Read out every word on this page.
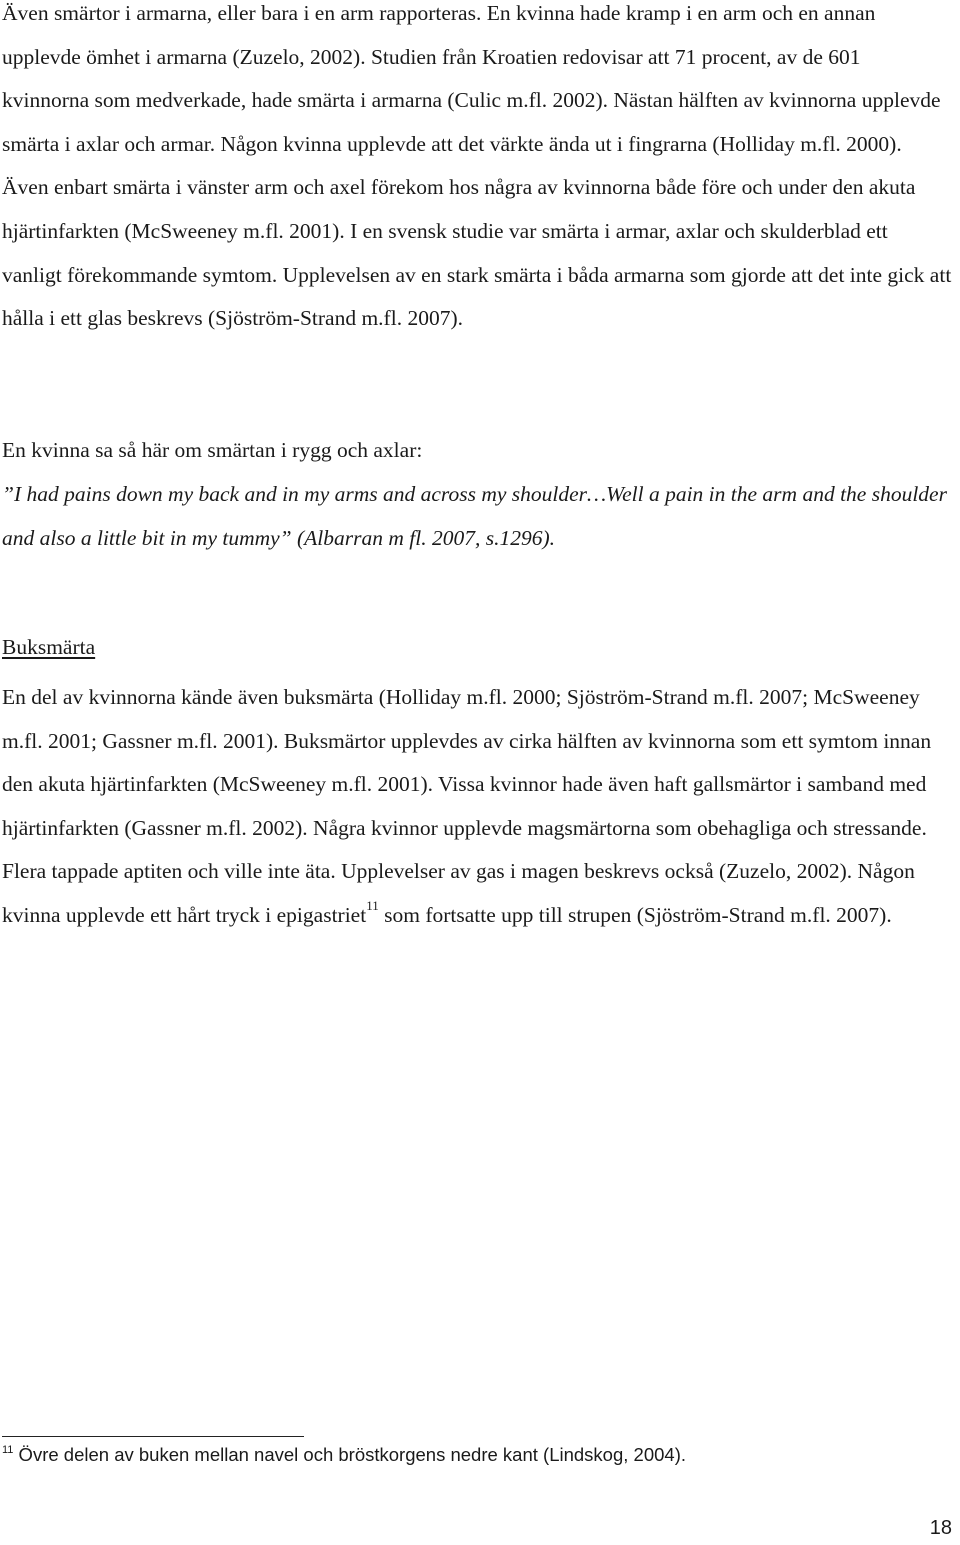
Även smärtor i armarna, eller bara i en arm rapporteras. En kvinna hade kramp i en arm och en annan upplevde ömhet i armarna (Zuzelo, 2002). Studien från Kroatien redovisar att 71 procent, av de 601 kvinnorna som medverkade, hade smärta i armarna (Culic m.fl. 2002). Nästan hälften av kvinnorna upplevde smärta i axlar och armar. Någon kvinna upplevde att det värkte ända ut i fingrarna (Holliday m.fl. 2000). Även enbart smärta i vänster arm och axel förekom hos några av kvinnorna både före och under den akuta hjärtinfarkten (McSweeney m.fl. 2001). I en svensk studie var smärta i armar, axlar och skulderblad ett vanligt förekommande symtom. Upplevelsen av en stark smärta i båda armarna som gjorde att det inte gick att hålla i ett glas beskrevs (Sjöström-Strand m.fl. 2007).

En kvinna sa så här om smärtan i rygg och axlar:

”I had pains down my back and in my arms and across my shoulder…Well a pain in the arm and the shoulder and also a little bit in my tummy” (Albarran m fl. 2007, s.1296).

Buksmärta

En del av kvinnorna kände även buksmärta (Holliday m.fl. 2000; Sjöström-Strand m.fl. 2007; McSweeney m.fl. 2001; Gassner m.fl. 2001). Buksmärtor upplevdes av cirka hälften av kvinnorna som ett symtom innan den akuta hjärtinfarkten (McSweeney m.fl. 2001). Vissa kvinnor hade även haft gallsmärtor i samband med hjärtinfarkten (Gassner m.fl. 2002). Några kvinnor upplevde magsmärtorna som obehagliga och stressande. Flera tappade aptiten och ville inte äta. Upplevelser av gas i magen beskrevs också (Zuzelo, 2002). Någon kvinna upplevde ett hårt tryck i epigastriet$^{11}$ som fortsatte upp till strupen (Sjöström-Strand m.fl. 2007).

$^{11}$ Övre delen av buken mellan navel och bröstkorgens nedre kant (Lindskog, 2004).
18
